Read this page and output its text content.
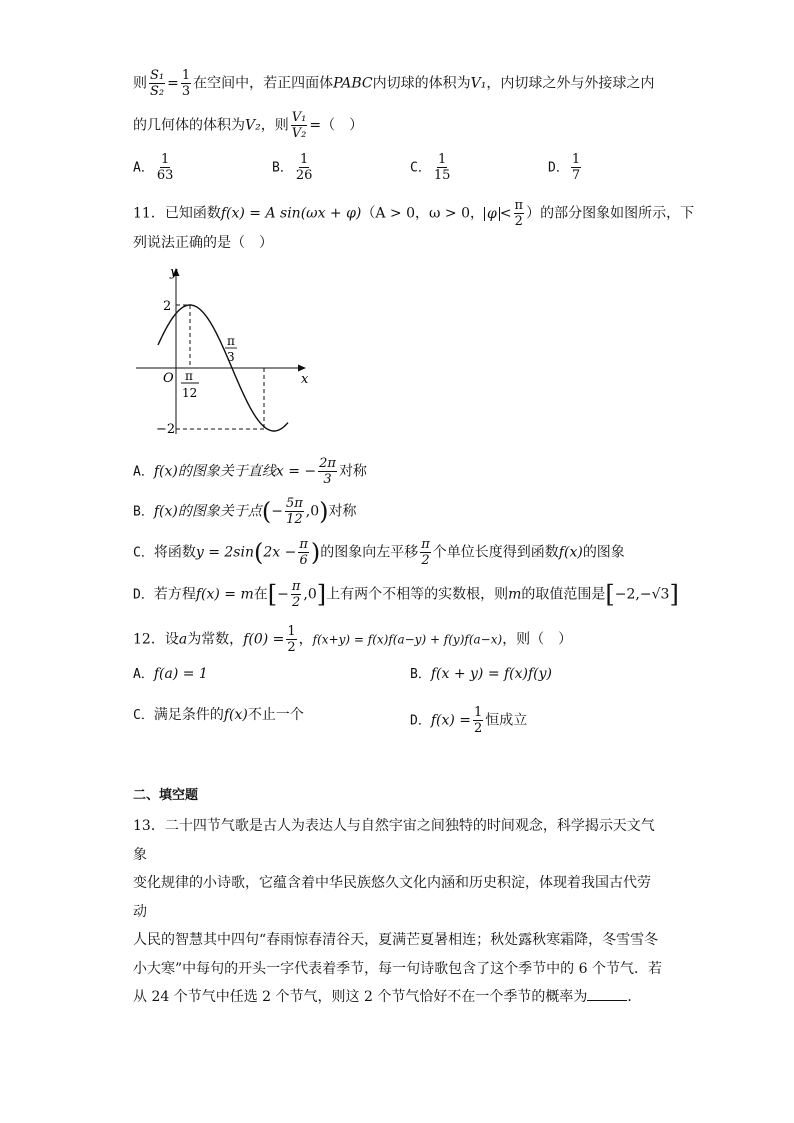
则 $\frac{\text{S₁}}{\text{S₂}} = \frac{1}{3}$ 在空间中，若正四面体PABC内切球的体积为V₁，内切球之外与外接球之内
的几何体的体积为V₂，则 $\frac{\text{V₁}}{\text{V₂}}$ =（　）
A． $\frac{1}{63}$	B． $\frac{1}{26}$	C． $\frac{1}{15}$	D． $\frac{1}{7}$
11．已知函数f(x) = A sin(ωx + φ)（A > 0，ω > 0， $\varphi < \frac{\pi}{2}$ ）的部分图象如图所示，下
列说法正确的是（　）
y
x
O
2
−2
π
12
π
3
A．f(x)的图象关于直线x = − $\frac{2\pi}{3}$ 对称
B．f(x)的图象关于点(− $\frac{5\pi}{12} ,0$)对称
C．将函数$y = 2\sin(2x - \frac{\pi}{6}$ )的图象向左平移 $\frac{\pi}{2}$ 个单位长度得到函数f(x)的图象
D．若方程f(x) = m在[− $\frac{\pi}{2} ,0$]上有两个不相等的实数根，则m的取值范围是[−2,−√3]
12．设a为常数，$f(0) = \frac{1}{2}$ ，f(x+y) = f(x)f(a−y) + f(y)f(a−x)，则（　）
A．f(a) = 1	B．f(x + y) = f(x)f(y)
C．满足条件的f(x)不止一个	D．$f(x) = \frac{1}{2}$ 恒成立
二、填空题
13．二十四节气歌是古人为表达人与自然宇宙之间独特的时间观念，科学揭示天文气象
变化规律的小诗歌，它蕴含着中华民族悠久文化内涵和历史积淀，体现着我国古代劳动
人民的智慧其中四句“春雨惊春清谷天，夏满芒夏暑相连；秋处露秋寒霜降，冬雪雪冬
小大寒”中每句的开头一字代表着季节，每一句诗歌包含了这个季节中的 6 个节气．若
从 24 个节气中任选 2 个节气，则这 2 个节气恰好不在一个季节的概率为	．
